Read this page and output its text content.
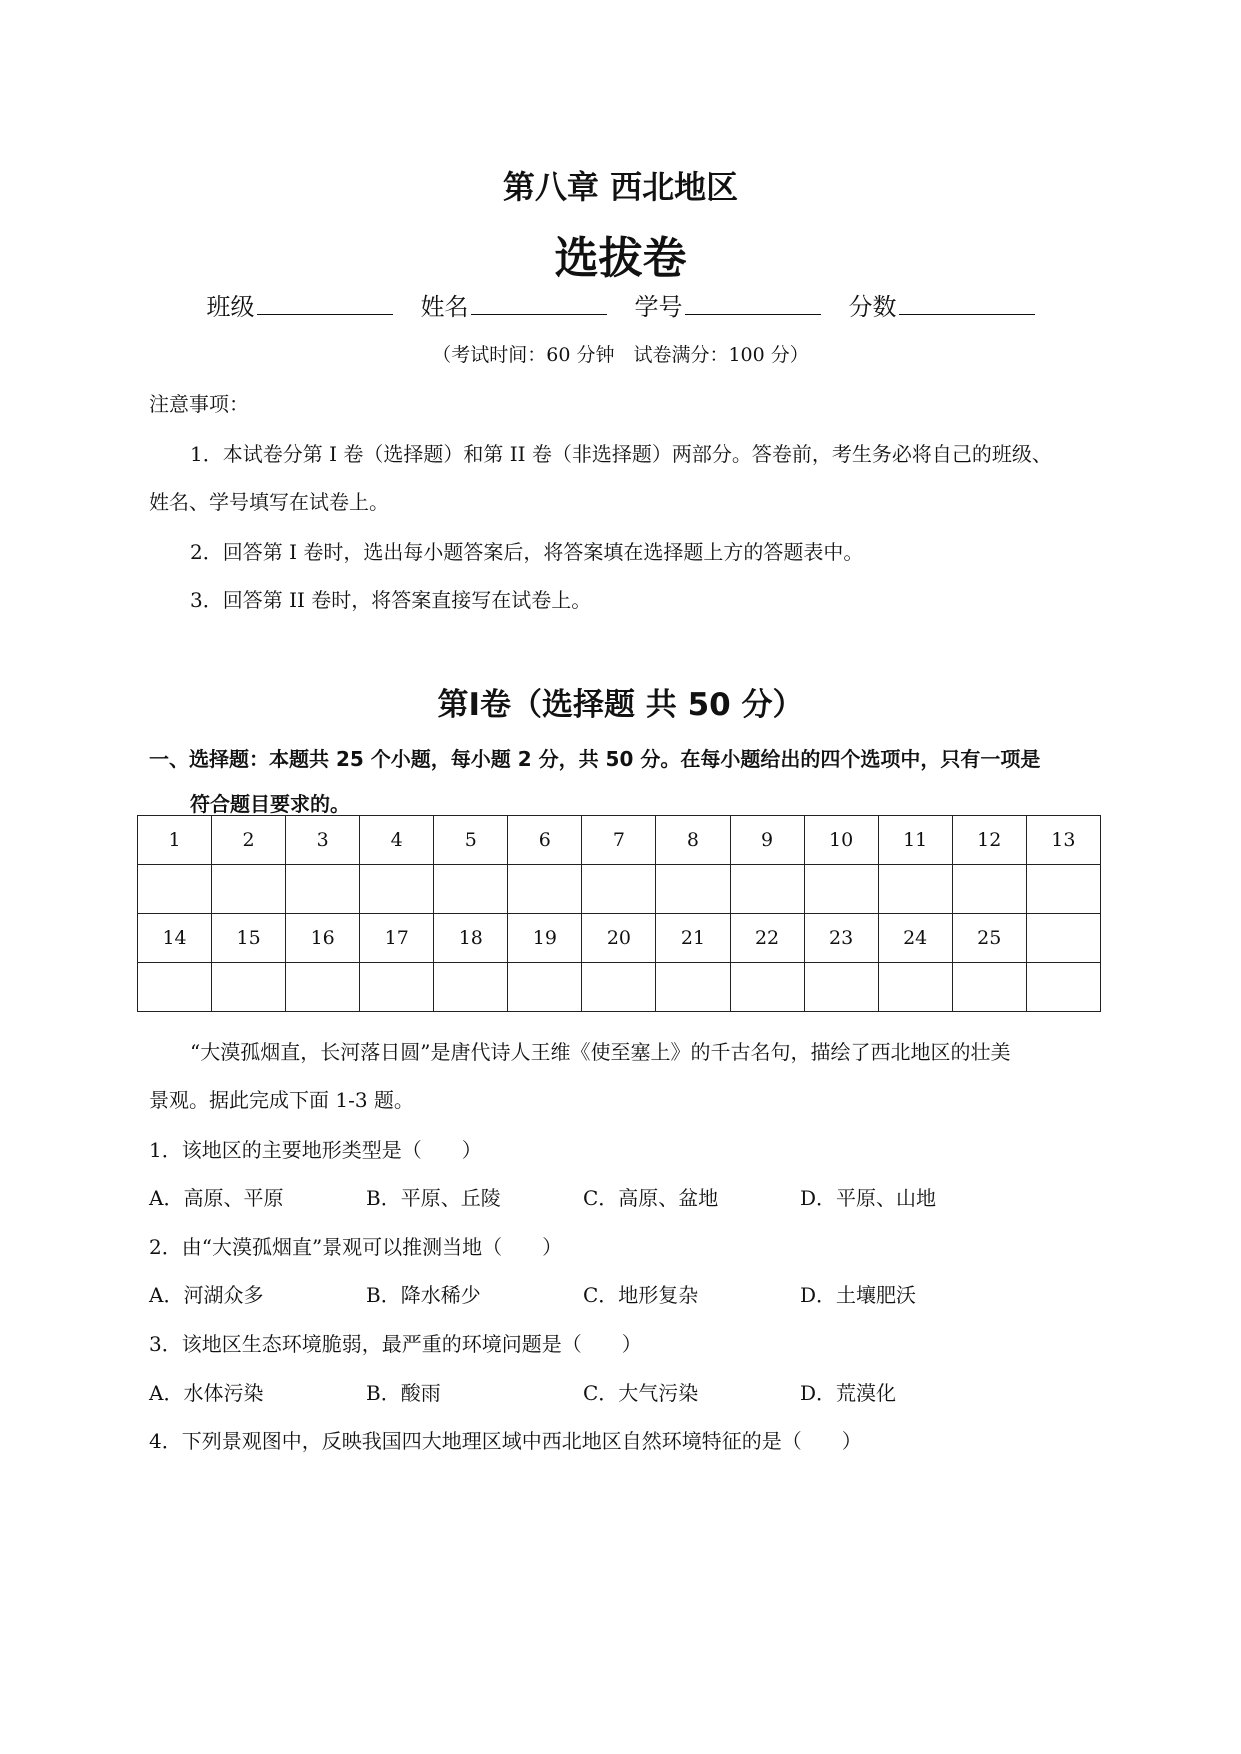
第八章 西北地区
选拔卷
班级	姓名	学号	分数
（考试时间：60 分钟　试卷满分：100 分）
注意事项：
1．本试卷分第 I 卷（选择题）和第 II 卷（非选择题）两部分。答卷前，考生务必将自己的班级、
姓名、学号填写在试卷上。
2．回答第 I 卷时，选出每小题答案后，将答案填在选择题上方的答题表中。
3．回答第 II 卷时，将答案直接写在试卷上。
第I卷（选择题 共 50 分）
一、选择题：本题共 25 个小题，每小题 2 分，共 50 分。在每小题给出的四个选项中，只有一项是
符合题目要求的。
1	2	3	4	5	6	7	8	9	10	11	12	13

14	15	16	17	18	19	20	21	22	23	24	25	

“大漠孤烟直，长河落日圆”是唐代诗人王维《使至塞上》的千古名句，描绘了西北地区的壮美
景观。据此完成下面 1-3 题。
1．该地区的主要地形类型是（　　）
A．高原、平原	B．平原、丘陵	C．高原、盆地	D．平原、山地
2．由“大漠孤烟直”景观可以推测当地（　　）
A．河湖众多	B．降水稀少	C．地形复杂	D．土壤肥沃
3．该地区生态环境脆弱，最严重的环境问题是（　　）
A．水体污染	B．酸雨	C．大气污染	D．荒漠化
4．下列景观图中，反映我国四大地理区域中西北地区自然环境特征的是（　　）
